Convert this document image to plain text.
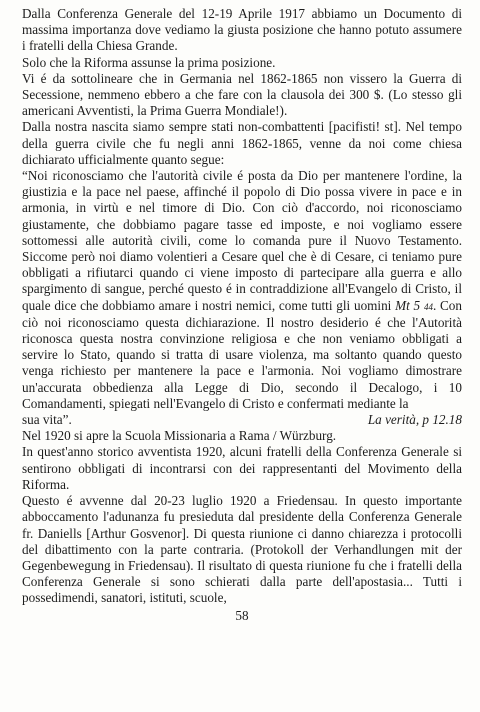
Dalla Conferenza Generale del 12-19 Aprile 1917 abbiamo un Documento di massima importanza dove vediamo la giusta posizione che hanno potuto assumere i fratelli della Chiesa Grande.

Solo che la Riforma assunse la prima posizione.

Vi é da sottolineare che in Germania nel 1862-1865 non vissero la Guerra di Secessione, nemmeno ebbero a che fare con la clausola dei 300 $. (Lo stesso gli americani Avventisti, la Prima Guerra Mondiale!).

Dalla nostra nascita siamo sempre stati non-combattenti [pacifisti! st]. Nel tempo della guerra civile che fu negli anni 1862-1865, venne da noi come chiesa dichiarato ufficialmente quanto segue:

“Noi riconosciamo che l'autorità civile é posta da Dio per mantenere l'ordine, la giustizia e la pace nel paese, affinché il popolo di Dio possa vivere in pace e in armonia, in virtù e nel timore di Dio. Con ciò d'accordo, noi riconosciamo giustamente, che dobbiamo pagare tasse ed imposte, e noi vogliamo essere sottomessi alle autorità civili, come lo comanda pure il Nuovo Testamento. Siccome però noi diamo volentieri a Cesare quel che è di Cesare, ci teniamo pure obbligati a rifiutarci quando ci viene imposto di partecipare alla guerra e allo spargimento di sangue, perché questo é in contraddizione all'Evangelo di Cristo, il quale dice che dobbiamo amare i nostri nemici, come tutti gli uomini Mt 5 44. Con ciò noi riconosciamo questa dichiarazione. Il nostro desiderio é che l'Autorità riconosca questa nostra convinzione religiosa e che non veniamo obbligati a servire lo Stato, quando si tratta di usare violenza, ma soltanto quando questo venga richiesto per mantenere la pace e l'armonia. Noi vogliamo dimostrare un'accurata obbedienza alla Legge di Dio, secondo il Decalogo, i 10 Comandamenti, spiegati nell'Evangelo di Cristo e confermati mediante la

sua vita”.	La verità, p 12.18

Nel 1920 si apre la Scuola Missionaria a Rama / Würzburg.

In quest'anno storico avventista 1920, alcuni fratelli della Conferenza Generale si sentirono obbligati di incontrarsi con dei rappresentanti del Movimento della Riforma.

Questo é avvenne dal 20-23 luglio 1920 a Friedensau. In questo importante abboccamento l'adunanza fu presieduta dal presidente della Conferenza Generale fr. Daniells [Arthur Gosvenor]. Di questa riunione ci danno chiarezza i protocolli del dibattimento con la parte contraria. (Protokoll der Verhandlungen mit der Gegenbewegung in Friedensau). Il risultato di questa riunione fu che i fratelli della Conferenza Generale si sono schierati dalla parte dell'apostasia... Tutti i possedimendi, sanatori, istituti, scuole,

58
